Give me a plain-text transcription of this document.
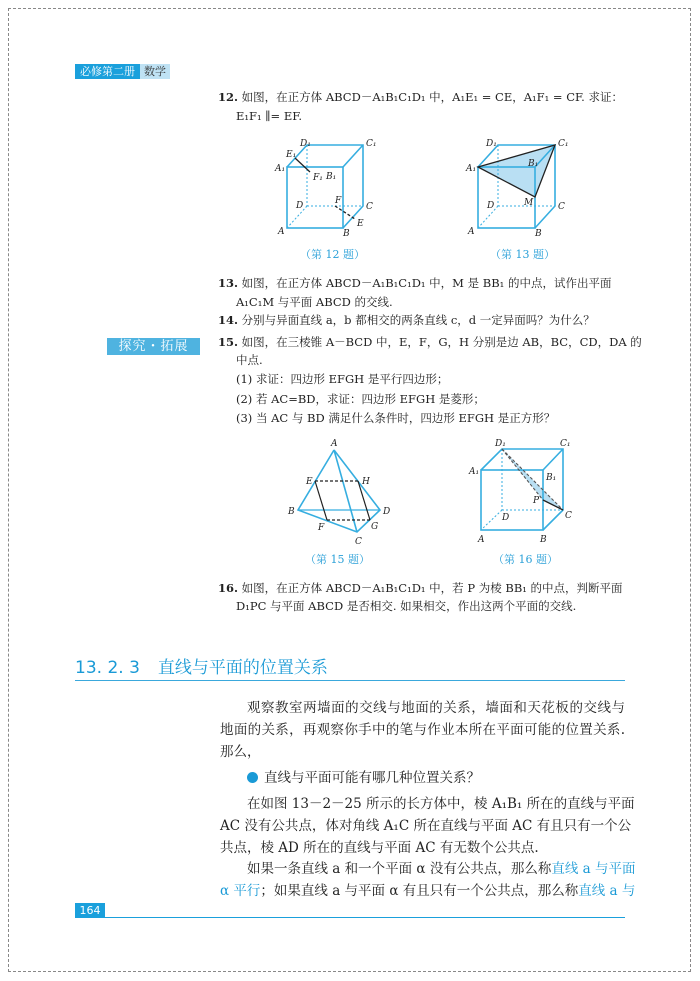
必修第二册 数学
12. 如图，在正方体 ABCD－A₁B₁C₁D₁ 中，A₁E₁ = CE，A₁F₁ = CF. 求证：
E₁F₁ ∥= EF.
13. 如图，在正方体 ABCD－A₁B₁C₁D₁ 中，M 是 BB₁ 的中点，试作出平面
A₁C₁M 与平面 ABCD 的交线.
14. 分别与异面直线 a，b 都相交的两条直线 c，d 一定异面吗？为什么？
探究・拓展	15. 如图，在三棱锥 A－BCD 中，E，F，G，H 分别是边 AB，BC，CD，DA 的
中点.
(1) 求证：四边形 EFGH 是平行四边形；
(2) 若 AC=BD，求证：四边形 EFGH 是菱形；
(3) 当 AC 与 BD 满足什么条件时，四边形 EFGH 是正方形？
16. 如图，在正方体 ABCD－A₁B₁C₁D₁ 中，若 P 为棱 BB₁ 的中点，判断平面
D₁PC 与平面 ABCD 是否相交. 如果相交，作出这两个平面的交线.
（第 12 题）	（第 13 题）
（第 15 题）	（第 16 题）
D₁	C₁
E₁
A₁
F₁ B₁
D	F
C
E
A	B
D₁	C₁
B₁
A₁
D	M	C
A	B
A
E	H
B	D
F	G
C
D₁	C₁
A₁
B₁
P
D	C
A	B
13. 2. 3 直线与平面的位置关系
观察教室两墙面的交线与地面的关系，墙面和天花板的交线与
地面的关系，再观察你手中的笔与作业本所在平面可能的位置关系.
那么，
直线与平面可能有哪几种位置关系？
在如图 13－2－25 所示的长方体中，棱 A₁B₁ 所在的直线与平面
AC 没有公共点，体对角线 A₁C 所在直线与平面 AC 有且只有一个公
共点，棱 AD 所在的直线与平面 AC 有无数个公共点.
如果一条直线 a 和一个平面 α 没有公共点，那么称直线 a 与平面
α 平行；如果直线 a 与平面 α 有且只有一个公共点，那么称直线 a 与
164
